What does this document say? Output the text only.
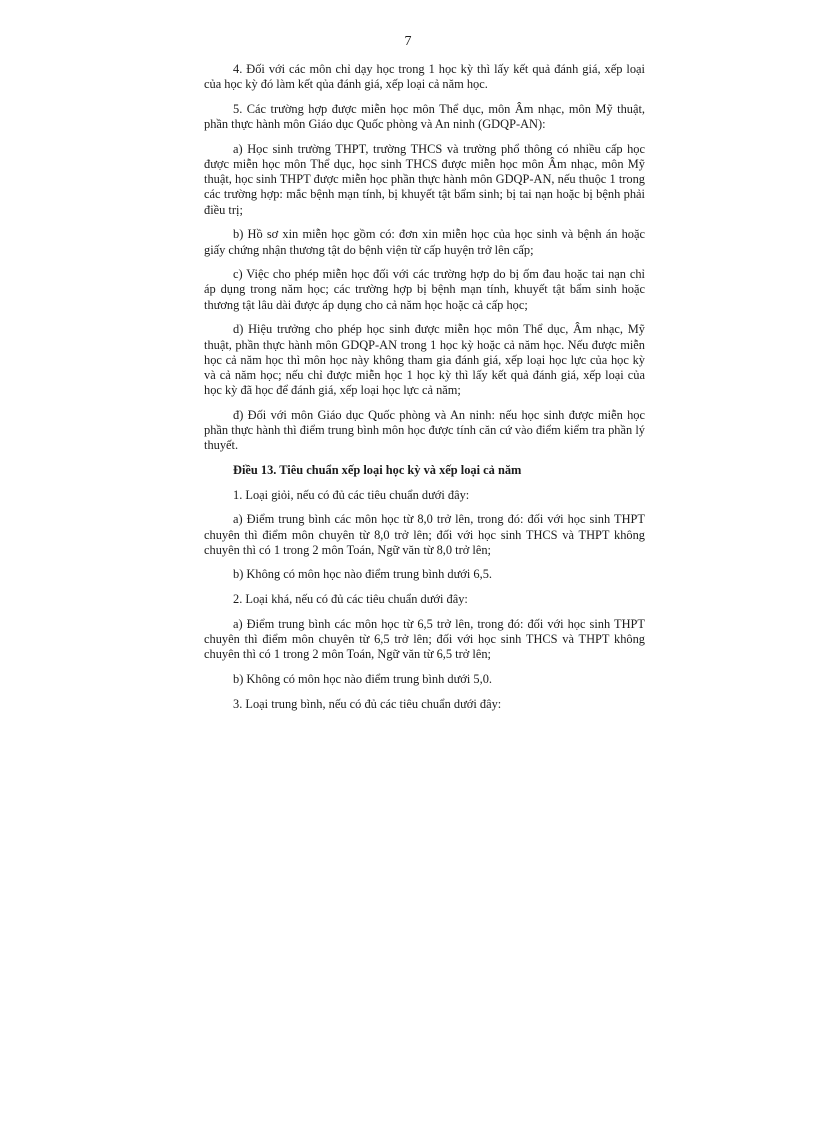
7

4. Đối với các môn chỉ dạy học trong 1 học kỳ thì lấy kết quả đánh giá, xếp loại của học kỳ đó làm kết qủa đánh giá, xếp loại cả năm học.

5. Các trường hợp được miễn học môn Thể dục, môn Âm nhạc, môn Mỹ thuật, phần thực hành môn Giáo dục Quốc phòng và An ninh (GDQP-AN):

a) Học sinh trường THPT, trường THCS và trường phổ thông có nhiều cấp học được miễn học môn Thể dục, học sinh THCS được miễn học môn Âm nhạc, môn Mỹ thuật, học sinh THPT được miễn học phần thực hành môn GDQP-AN, nếu thuộc 1 trong các trường hợp: mắc bệnh mạn tính, bị khuyết tật bẩm sinh; bị tai nạn hoặc bị bệnh phải điều trị;

b) Hồ sơ xin miễn học gồm có: đơn xin miễn học của học sinh và bệnh án hoặc giấy chứng nhận thương tật do bệnh viện từ cấp huyện trở lên cấp;

c) Việc cho phép miễn học đối với các trường hợp do bị ốm đau hoặc tai nạn chỉ áp dụng trong năm học; các trường hợp bị bệnh mạn tính, khuyết tật bẩm sinh hoặc thương tật lâu dài được áp dụng cho cả năm học hoặc cả cấp học;

d) Hiệu trưởng cho phép học sinh được miễn học môn Thể dục, Âm nhạc, Mỹ thuật, phần thực hành môn GDQP-AN trong 1 học kỳ hoặc cả năm học. Nếu được miễn học cả năm học thì môn học này không tham gia đánh giá, xếp loại học lực của học kỳ và cả năm học; nếu chỉ được miễn học 1 học kỳ thì lấy kết quả đánh giá, xếp loại của học kỳ đã học để đánh giá, xếp loại học lực cả năm;

đ) Đối với môn Giáo dục Quốc phòng và An ninh: nếu học sinh được miễn học phần thực hành thì điểm trung bình môn học được tính căn cứ vào điểm kiểm tra phần lý thuyết.

Điều 13. Tiêu chuẩn xếp loại học kỳ và xếp loại cả năm

1. Loại giỏi, nếu có đủ các tiêu chuẩn dưới đây:

a) Điểm trung bình các môn học từ 8,0 trở lên, trong đó: đối với học sinh THPT chuyên thì điểm môn chuyên từ 8,0 trở lên; đối với học sinh THCS và THPT không chuyên thì có 1 trong 2 môn Toán, Ngữ văn từ 8,0 trở lên;

b) Không có môn học nào điểm trung bình dưới 6,5.

2. Loại khá, nếu có đủ các tiêu chuẩn dưới đây:

a) Điểm trung bình các môn học từ 6,5 trở lên, trong đó: đối với học sinh THPT chuyên thì điểm môn chuyên từ 6,5 trở lên; đối với học sinh THCS và THPT không chuyên thì có 1 trong 2 môn Toán, Ngữ văn từ 6,5 trở lên;

b) Không có môn học nào điểm trung bình dưới 5,0.

3. Loại trung bình, nếu có đủ các tiêu chuẩn dưới đây:
